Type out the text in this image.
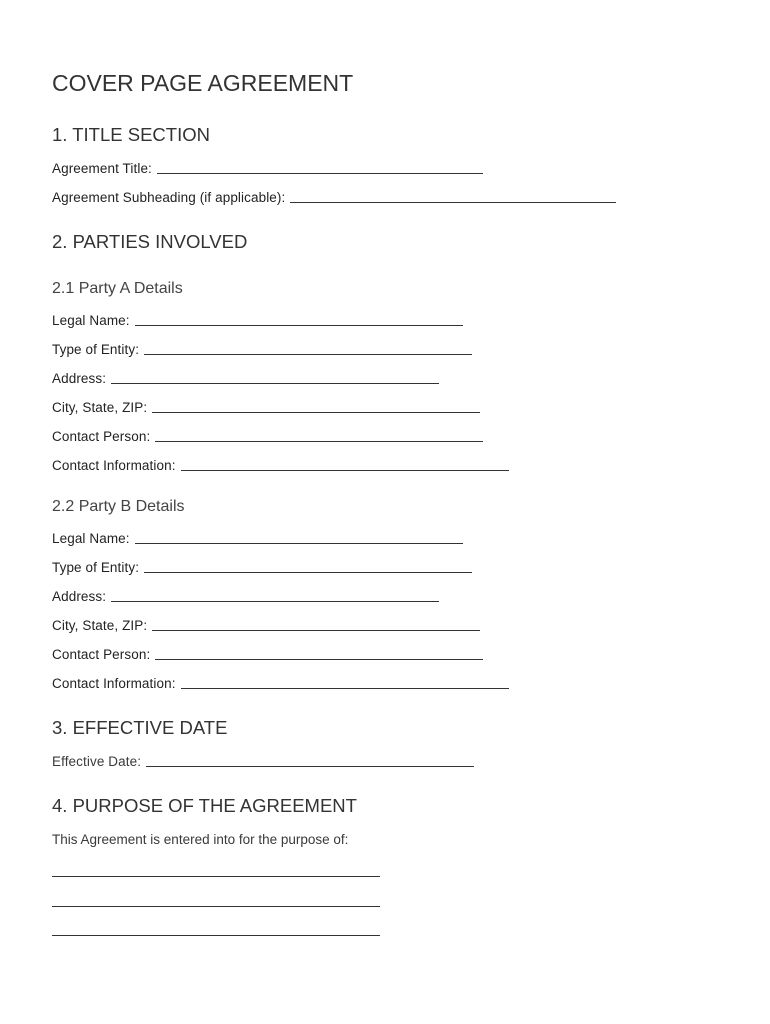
COVER PAGE AGREEMENT
1. TITLE SECTION
Agreement Title:
Agreement Subheading (if applicable):
2. PARTIES INVOLVED
2.1 Party A Details
Legal Name:
Type of Entity:
Address:
City, State, ZIP:
Contact Person:
Contact Information:
2.2 Party B Details
Legal Name:
Type of Entity:
Address:
City, State, ZIP:
Contact Person:
Contact Information:
3. EFFECTIVE DATE
Effective Date:
4. PURPOSE OF THE AGREEMENT
This Agreement is entered into for the purpose of:
